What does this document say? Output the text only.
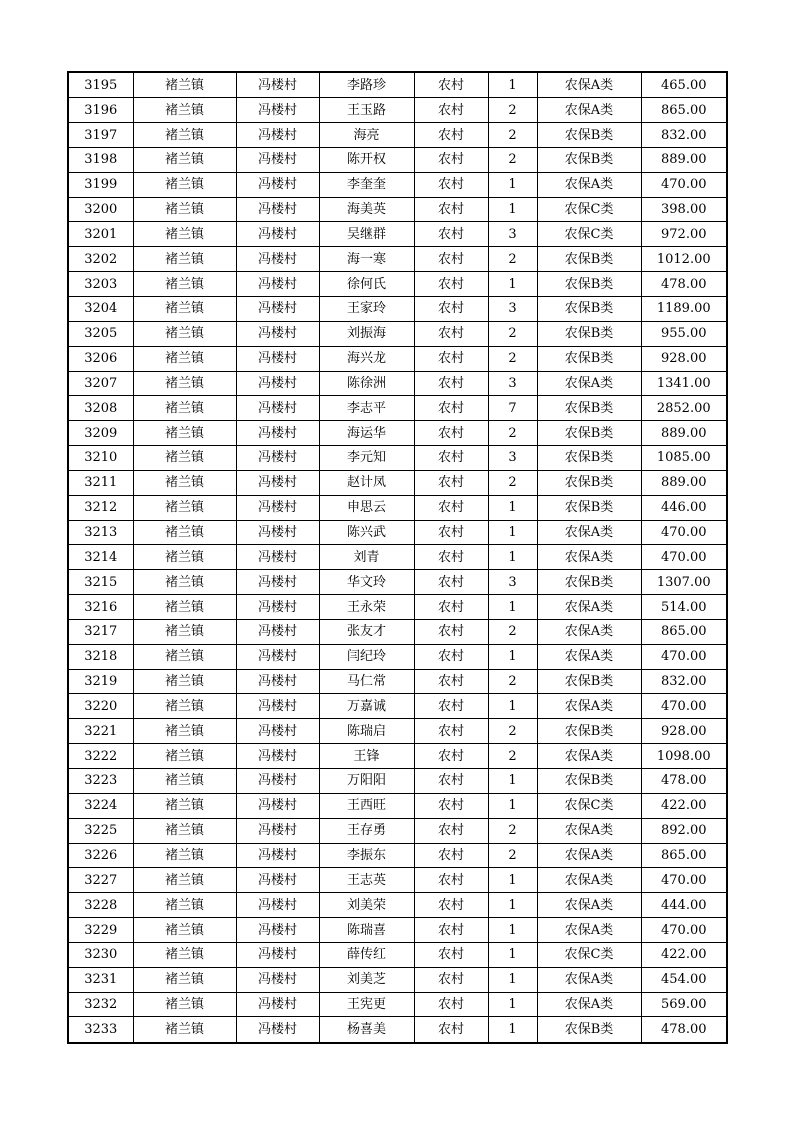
3195	褚兰镇	冯楼村	李路珍	农村	1	农保A类	465.00
3196	褚兰镇	冯楼村	王玉路	农村	2	农保A类	865.00
3197	褚兰镇	冯楼村	海亮	农村	2	农保B类	832.00
3198	褚兰镇	冯楼村	陈开权	农村	2	农保B类	889.00
3199	褚兰镇	冯楼村	李奎奎	农村	1	农保A类	470.00
3200	褚兰镇	冯楼村	海美英	农村	1	农保C类	398.00
3201	褚兰镇	冯楼村	吴继群	农村	3	农保C类	972.00
3202	褚兰镇	冯楼村	海一寒	农村	2	农保B类	1012.00
3203	褚兰镇	冯楼村	徐何氏	农村	1	农保B类	478.00
3204	褚兰镇	冯楼村	王家玲	农村	3	农保B类	1189.00
3205	褚兰镇	冯楼村	刘振海	农村	2	农保B类	955.00
3206	褚兰镇	冯楼村	海兴龙	农村	2	农保B类	928.00
3207	褚兰镇	冯楼村	陈徐洲	农村	3	农保A类	1341.00
3208	褚兰镇	冯楼村	李志平	农村	7	农保B类	2852.00
3209	褚兰镇	冯楼村	海运华	农村	2	农保B类	889.00
3210	褚兰镇	冯楼村	李元知	农村	3	农保B类	1085.00
3211	褚兰镇	冯楼村	赵计凤	农村	2	农保B类	889.00
3212	褚兰镇	冯楼村	申思云	农村	1	农保B类	446.00
3213	褚兰镇	冯楼村	陈兴武	农村	1	农保A类	470.00
3214	褚兰镇	冯楼村	刘青	农村	1	农保A类	470.00
3215	褚兰镇	冯楼村	华文玲	农村	3	农保B类	1307.00
3216	褚兰镇	冯楼村	王永荣	农村	1	农保A类	514.00
3217	褚兰镇	冯楼村	张友才	农村	2	农保A类	865.00
3218	褚兰镇	冯楼村	闫纪玲	农村	1	农保A类	470.00
3219	褚兰镇	冯楼村	马仁常	农村	2	农保B类	832.00
3220	褚兰镇	冯楼村	万嘉诚	农村	1	农保A类	470.00
3221	褚兰镇	冯楼村	陈瑞启	农村	2	农保B类	928.00
3222	褚兰镇	冯楼村	王锋	农村	2	农保A类	1098.00
3223	褚兰镇	冯楼村	万阳阳	农村	1	农保B类	478.00
3224	褚兰镇	冯楼村	王西旺	农村	1	农保C类	422.00
3225	褚兰镇	冯楼村	王存勇	农村	2	农保A类	892.00
3226	褚兰镇	冯楼村	李振东	农村	2	农保A类	865.00
3227	褚兰镇	冯楼村	王志英	农村	1	农保A类	470.00
3228	褚兰镇	冯楼村	刘美荣	农村	1	农保A类	444.00
3229	褚兰镇	冯楼村	陈瑞喜	农村	1	农保A类	470.00
3230	褚兰镇	冯楼村	薛传红	农村	1	农保C类	422.00
3231	褚兰镇	冯楼村	刘美芝	农村	1	农保A类	454.00
3232	褚兰镇	冯楼村	王宪更	农村	1	农保A类	569.00
3233	褚兰镇	冯楼村	杨喜美	农村	1	农保B类	478.00
